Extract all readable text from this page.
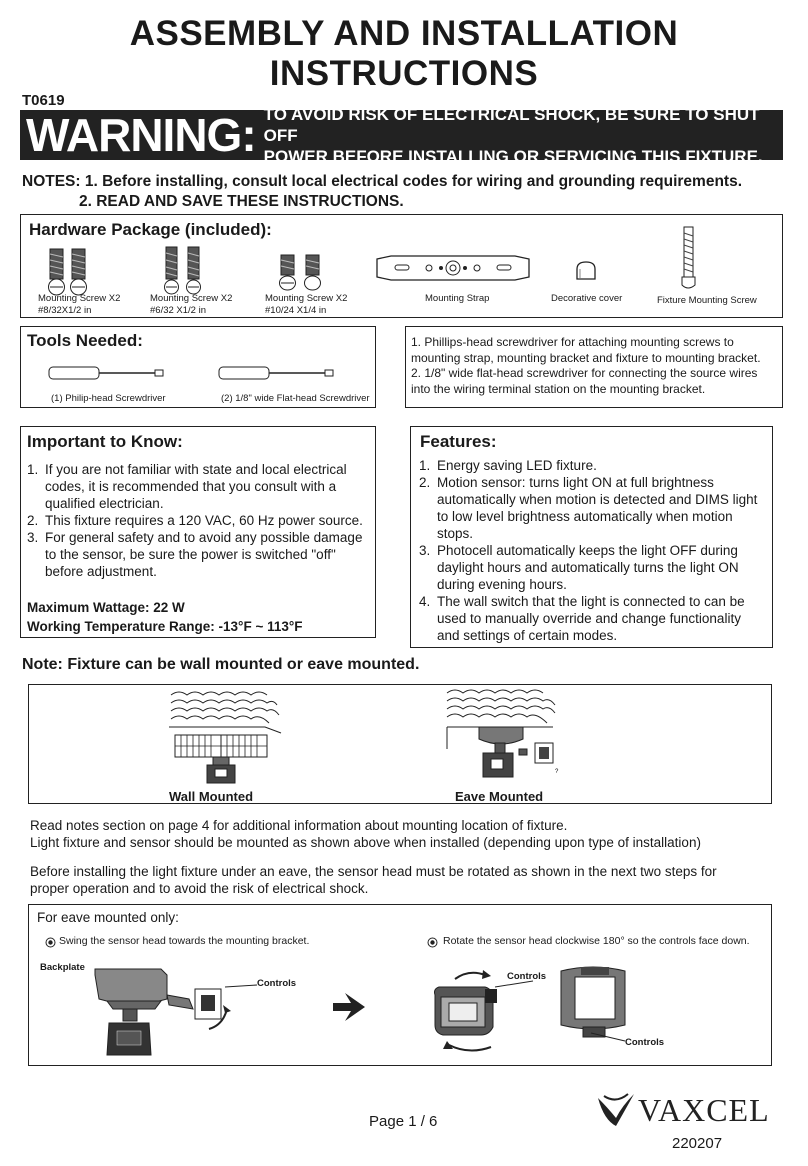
ASSEMBLY AND INSTALLATION
INSTRUCTIONS
T0619
WARNING: TO AVOID RISK OF ELECTRICAL SHOCK, BE SURE TO SHUT OFF
POWER BEFORE INSTALLING OR SERVICING THIS FIXTURE.
NOTES: 1. Before installing, consult local electrical codes for wiring and grounding requirements.
2. READ AND SAVE THESE INSTRUCTIONS.
Hardware Package (included):
Mounting Screw X2
#8/32X1/2 in
Mounting Screw X2
#6/32 X1/2 in
Mounting Screw X2
#10/24 X1/4 in
Mounting Strap	Decorative cover	Fixture Mounting Screw
Tools Needed:
(1) Philip-head Screwdriver	(2) 1/8" wide Flat-head Screwdriver
1. Phillips-head screwdriver for attaching mounting screws to
mounting strap, mounting bracket and fixture to mounting bracket.
2. 1/8" wide flat-head screwdriver for connecting the source wires
into the wiring terminal station on the mounting bracket.
Important to Know:
1. If you are not familiar with state and local electrical codes, it is recommended that you consult with a qualified electrician.
2. This fixture requires a 120 VAC, 60 Hz power source.
3. For general safety and to avoid any possible damage to the sensor, be sure the power is switched "off" before adjustment.
Maximum Wattage: 22 W
Working Temperature Range: -13°F ~ 113°F
Features:
1. Energy saving LED fixture.
2. Motion sensor: turns light ON at full brightness automatically when motion is detected and DIMS light to low level brightness automatically when motion stops.
3. Photocell automatically keeps the light OFF during daylight hours and automatically turns the light ON during evening hours.
4. The wall switch that the light is connected to can be used to manually override and change functionality and settings of certain modes.
Note: Fixture can be wall mounted or eave mounted.
Wall Mounted
?
Eave Mounted
Read notes section on page 4 for additional information about mounting location of fixture.
Light fixture and sensor should be mounted as shown above when installed (depending upon type of installation)
Before installing the light fixture under an eave, the sensor head must be rotated as shown in the next two steps for
proper operation and to avoid the risk of electrical shock.
For eave mounted only:
Swing the sensor head towards the mounting bracket.	Rotate the sensor head clockwise 180° so the controls face down.
Backplate
Controls
Controls
Controls
Page 1 / 6	VAXCEL
220207
